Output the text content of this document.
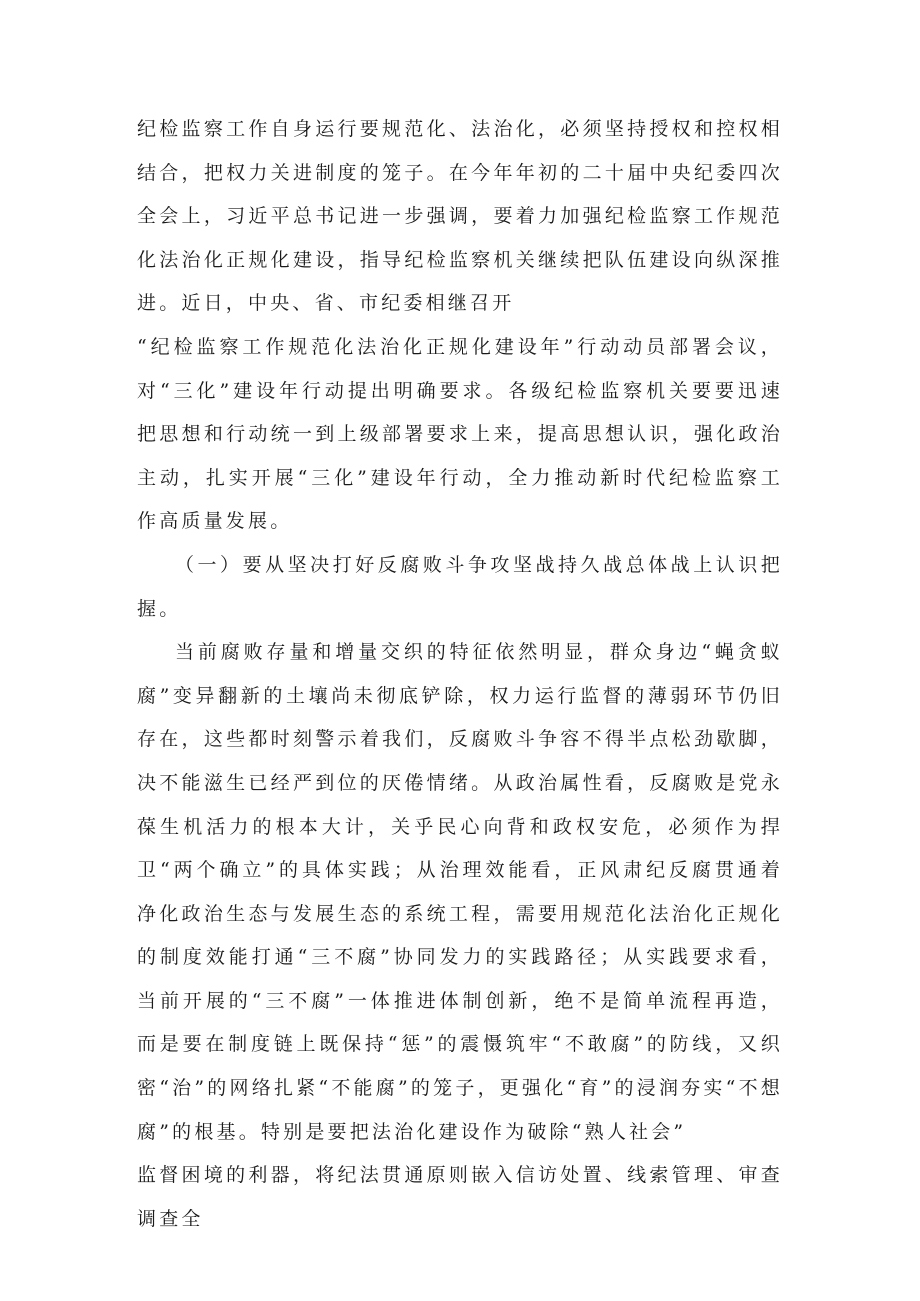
纪检监察工作自身运行要规范化、法治化，必须坚持授权和控权相结合，把权力关进制度的笼子。在今年年初的二十届中央纪委四次全会上，习近平总书记进一步强调，要着力加强纪检监察工作规范化法治化正规化建设，指导纪检监察机关继续把队伍建设向纵深推进。近日，中央、省、市纪委相继召开

“纪检监察工作规范化法治化正规化建设年”行动动员部署会议，对“三化”建设年行动提出明确要求。各级纪检监察机关要要迅速把思想和行动统一到上级部署要求上来，提高思想认识，强化政治主动，扎实开展“三化”建设年行动，全力推动新时代纪检监察工作高质量发展。

（一）要从坚决打好反腐败斗争攻坚战持久战总体战上认识把握。

当前腐败存量和增量交织的特征依然明显，群众身边“蝇贪蚁腐”变异翻新的土壤尚未彻底铲除，权力运行监督的薄弱环节仍旧存在，这些都时刻警示着我们，反腐败斗争容不得半点松劲歇脚，决不能滋生已经严到位的厌倦情绪。从政治属性看，反腐败是党永葆生机活力的根本大计，关乎民心向背和政权安危，必须作为捍卫“两个确立”的具体实践；从治理效能看，正风肃纪反腐贯通着净化政治生态与发展生态的系统工程，需要用规范化法治化正规化的制度效能打通“三不腐”协同发力的实践路径；从实践要求看，当前开展的“三不腐”一体推进体制创新，绝不是简单流程再造，而是要在制度链上既保持“惩”的震慑筑牢“不敢腐”的防线，又织密“治”的网络扎紧“不能腐”的笼子，更强化“育”的浸润夯实“不想腐”的根基。特别是要把法治化建设作为破除“熟人社会”

监督困境的利器，将纪法贯通原则嵌入信访处置、线索管理、审查调查全
